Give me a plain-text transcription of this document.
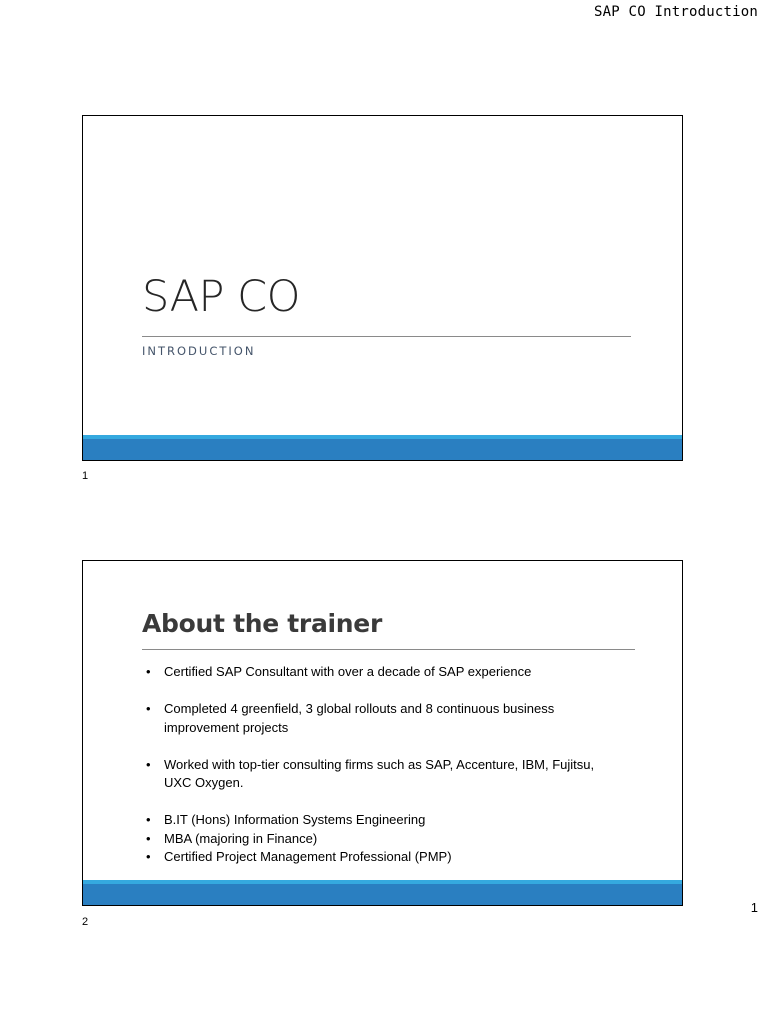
SAP CO Introduction
SAP CO
INTRODUCTION
1
About the trainer
• Certified SAP Consultant with over a decade of SAP experience
• Completed 4 greenfield, 3 global rollouts and 8 continuous business improvement projects
• Worked with top-tier consulting firms such as SAP, Accenture, IBM, Fujitsu, UXC Oxygen.
• B.IT (Hons) Information Systems Engineering
• MBA (majoring in Finance)
• Certified Project Management Professional (PMP)
2
1
